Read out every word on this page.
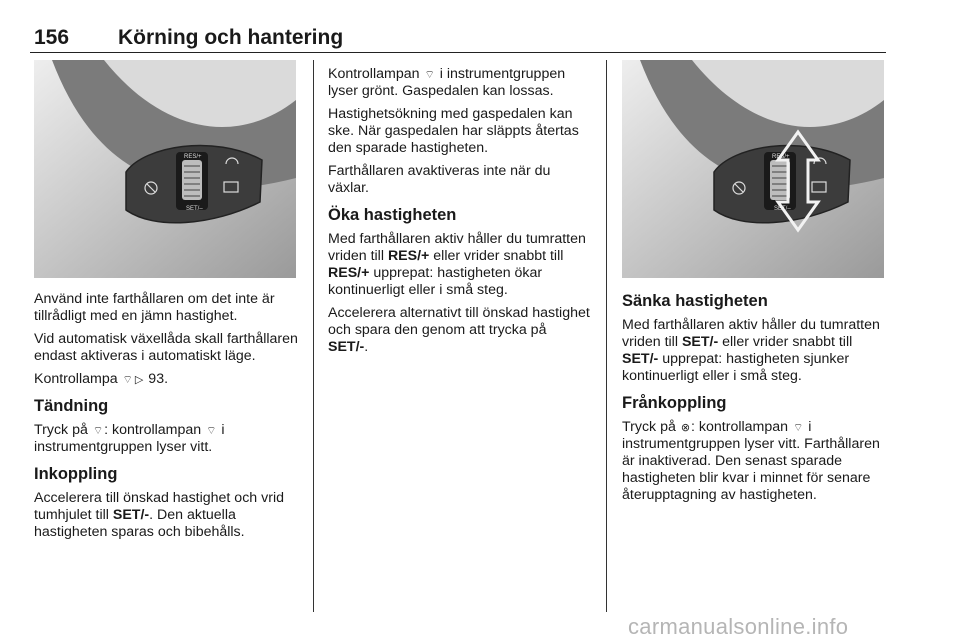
156 Körning och hantering
RES/+
SET/–

Använd inte farthållaren om det inte är tillrådligt med en jämn hastighet.

Vid automatisk växellåda skall farthållaren endast aktiveras i automatiskt läge.

Kontrollampa ⌔ ▷ 93.

Tändning

Tryck på ⌔: kontrollampan ⌔ i instrumentgruppen lyser vitt.

Inkoppling

Accelerera till önskad hastighet och vrid tumhjulet till SET/-. Den aktuella hastigheten sparas och bibehålls.

Kontrollampan ⌔ i instrumentgruppen lyser grönt. Gaspedalen kan lossas.

Hastighetsökning med gaspedalen kan ske. När gaspedalen har släppts återtas den sparade hastigheten.

Farthållaren avaktiveras inte när du växlar.

Öka hastigheten

Med farthållaren aktiv håller du tumratten vriden till RES/+ eller vrider snabbt till RES/+ upprepat: hastigheten ökar kontinuerligt eller i små steg.

Accelerera alternativt till önskad hastighet och spara den genom att trycka på SET/-.

RES/+
SET/–
Sänka hastigheten

Med farthållaren aktiv håller du tumratten vriden till SET/- eller vrider snabbt till SET/- upprepat: hastigheten sjunker kontinuerligt eller i små steg.

Frånkoppling

Tryck på ⊗: kontrollampan ⌔ i instrumentgruppen lyser vitt. Farthållaren är inaktiverad. Den senast sparade hastigheten blir kvar i minnet för senare återupptagning av hastigheten.

carmanualsonline.info
